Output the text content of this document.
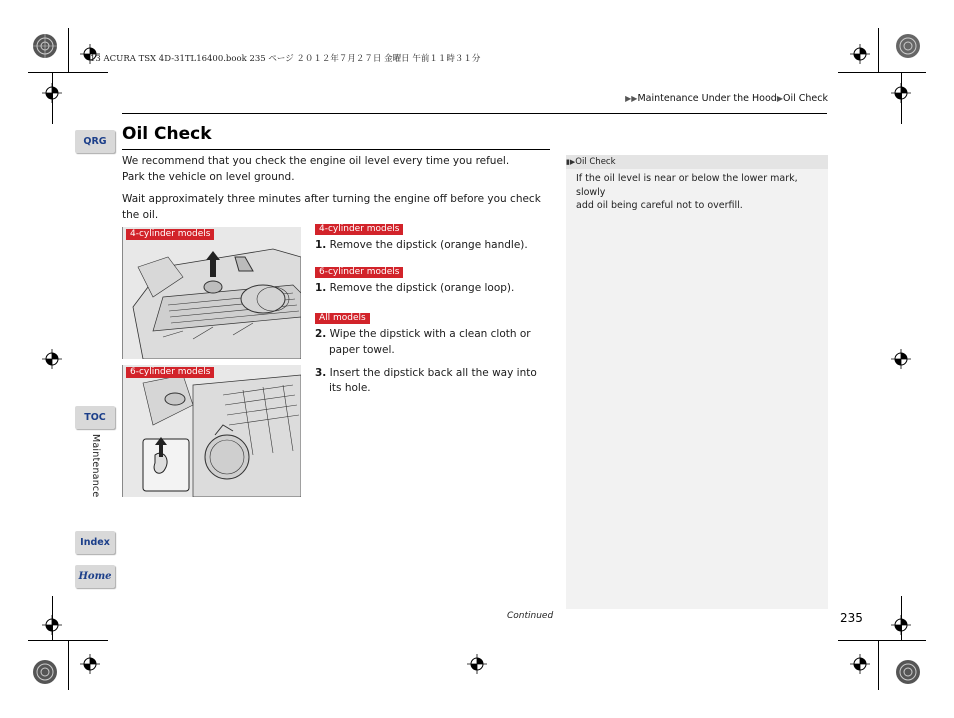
13 ACURA TSX 4D-31TL16400.book 235 ページ ２０１２年７月２７日 金曜日 午前１１時３１分
▶▶Maintenance Under the Hood▶Oil Check
QRG
TOC
Maintenance
Index
Home
Oil Check
We recommend that you check the engine oil level every time you refuel.
Park the vehicle on level ground.
Wait approximately three minutes after turning the engine off before you check
the oil.
4-cylinder models
6-cylinder models
4-cylinder models
1. Remove the dipstick (orange handle).
6-cylinder models
1. Remove the dipstick (orange loop).
All models
2. Wipe the dipstick with a clean cloth or
paper towel.
3. Insert the dipstick back all the way into
its hole.
▮▶Oil Check
If the oil level is near or below the lower mark, slowly
add oil being careful not to overfill.
Continued	235
